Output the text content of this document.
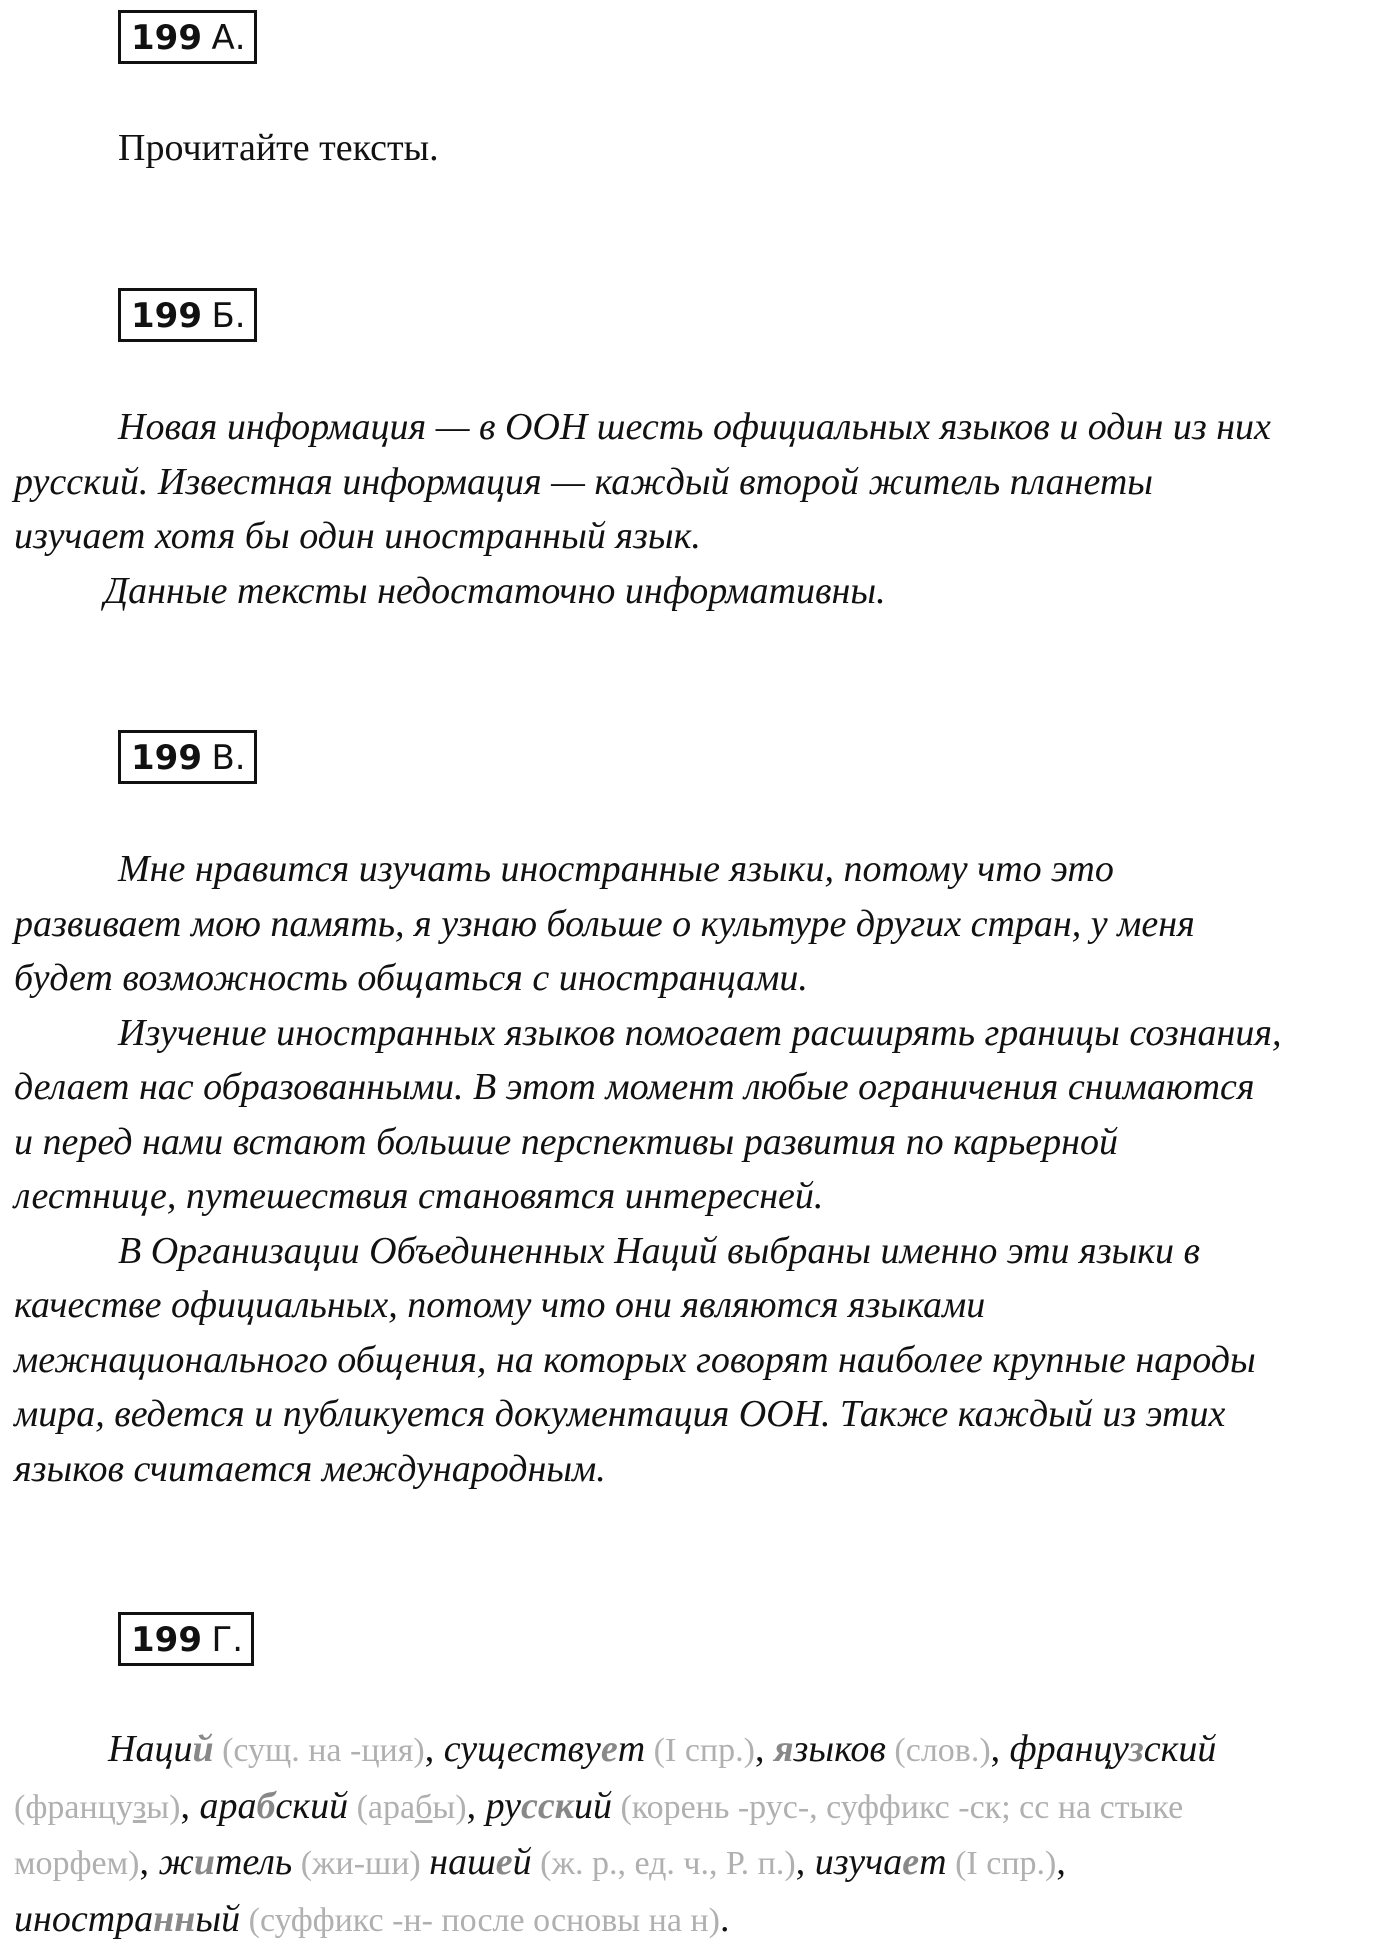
199 А.
Прочитайте тексты.
199 Б.
Новая информация — в ООН шесть официальных языков и один из них
русский. Известная информация — каждый второй житель планеты
изучает хотя бы один иностранный язык.
Данные тексты недостаточно информативны.
199 В.
Мне нравится изучать иностранные языки, потому что это
развивает мою память, я узнаю больше о культуре других стран, у меня
будет возможность общаться с иностранцами.
Изучение иностранных языков помогает расширять границы сознания,
делает нас образованными. В этот момент любые ограничения снимаются
и перед нами встают большие перспективы развития по карьерной
лестнице, путешествия становятся интересней.
В Организации Объединенных Наций выбраны именно эти языки в
качестве официальных, потому что они являются языками
межнационального общения, на которых говорят наиболее крупные народы
мира, ведется и публикуется документация ООН. Также каждый из этих
языков считается международным.
199 Г.
Наций (сущ. на -ция), существует (I спр.), языков (слов.), французский
(французы), арабский (арабы), русский (корень -рус-, суффикс -ск; сс на стыке
морфем), житель (жи-ши) нашей (ж. р., ед. ч., Р. п.), изучает (I спр.),
иностранный (суффикс -н- после основы на н).
